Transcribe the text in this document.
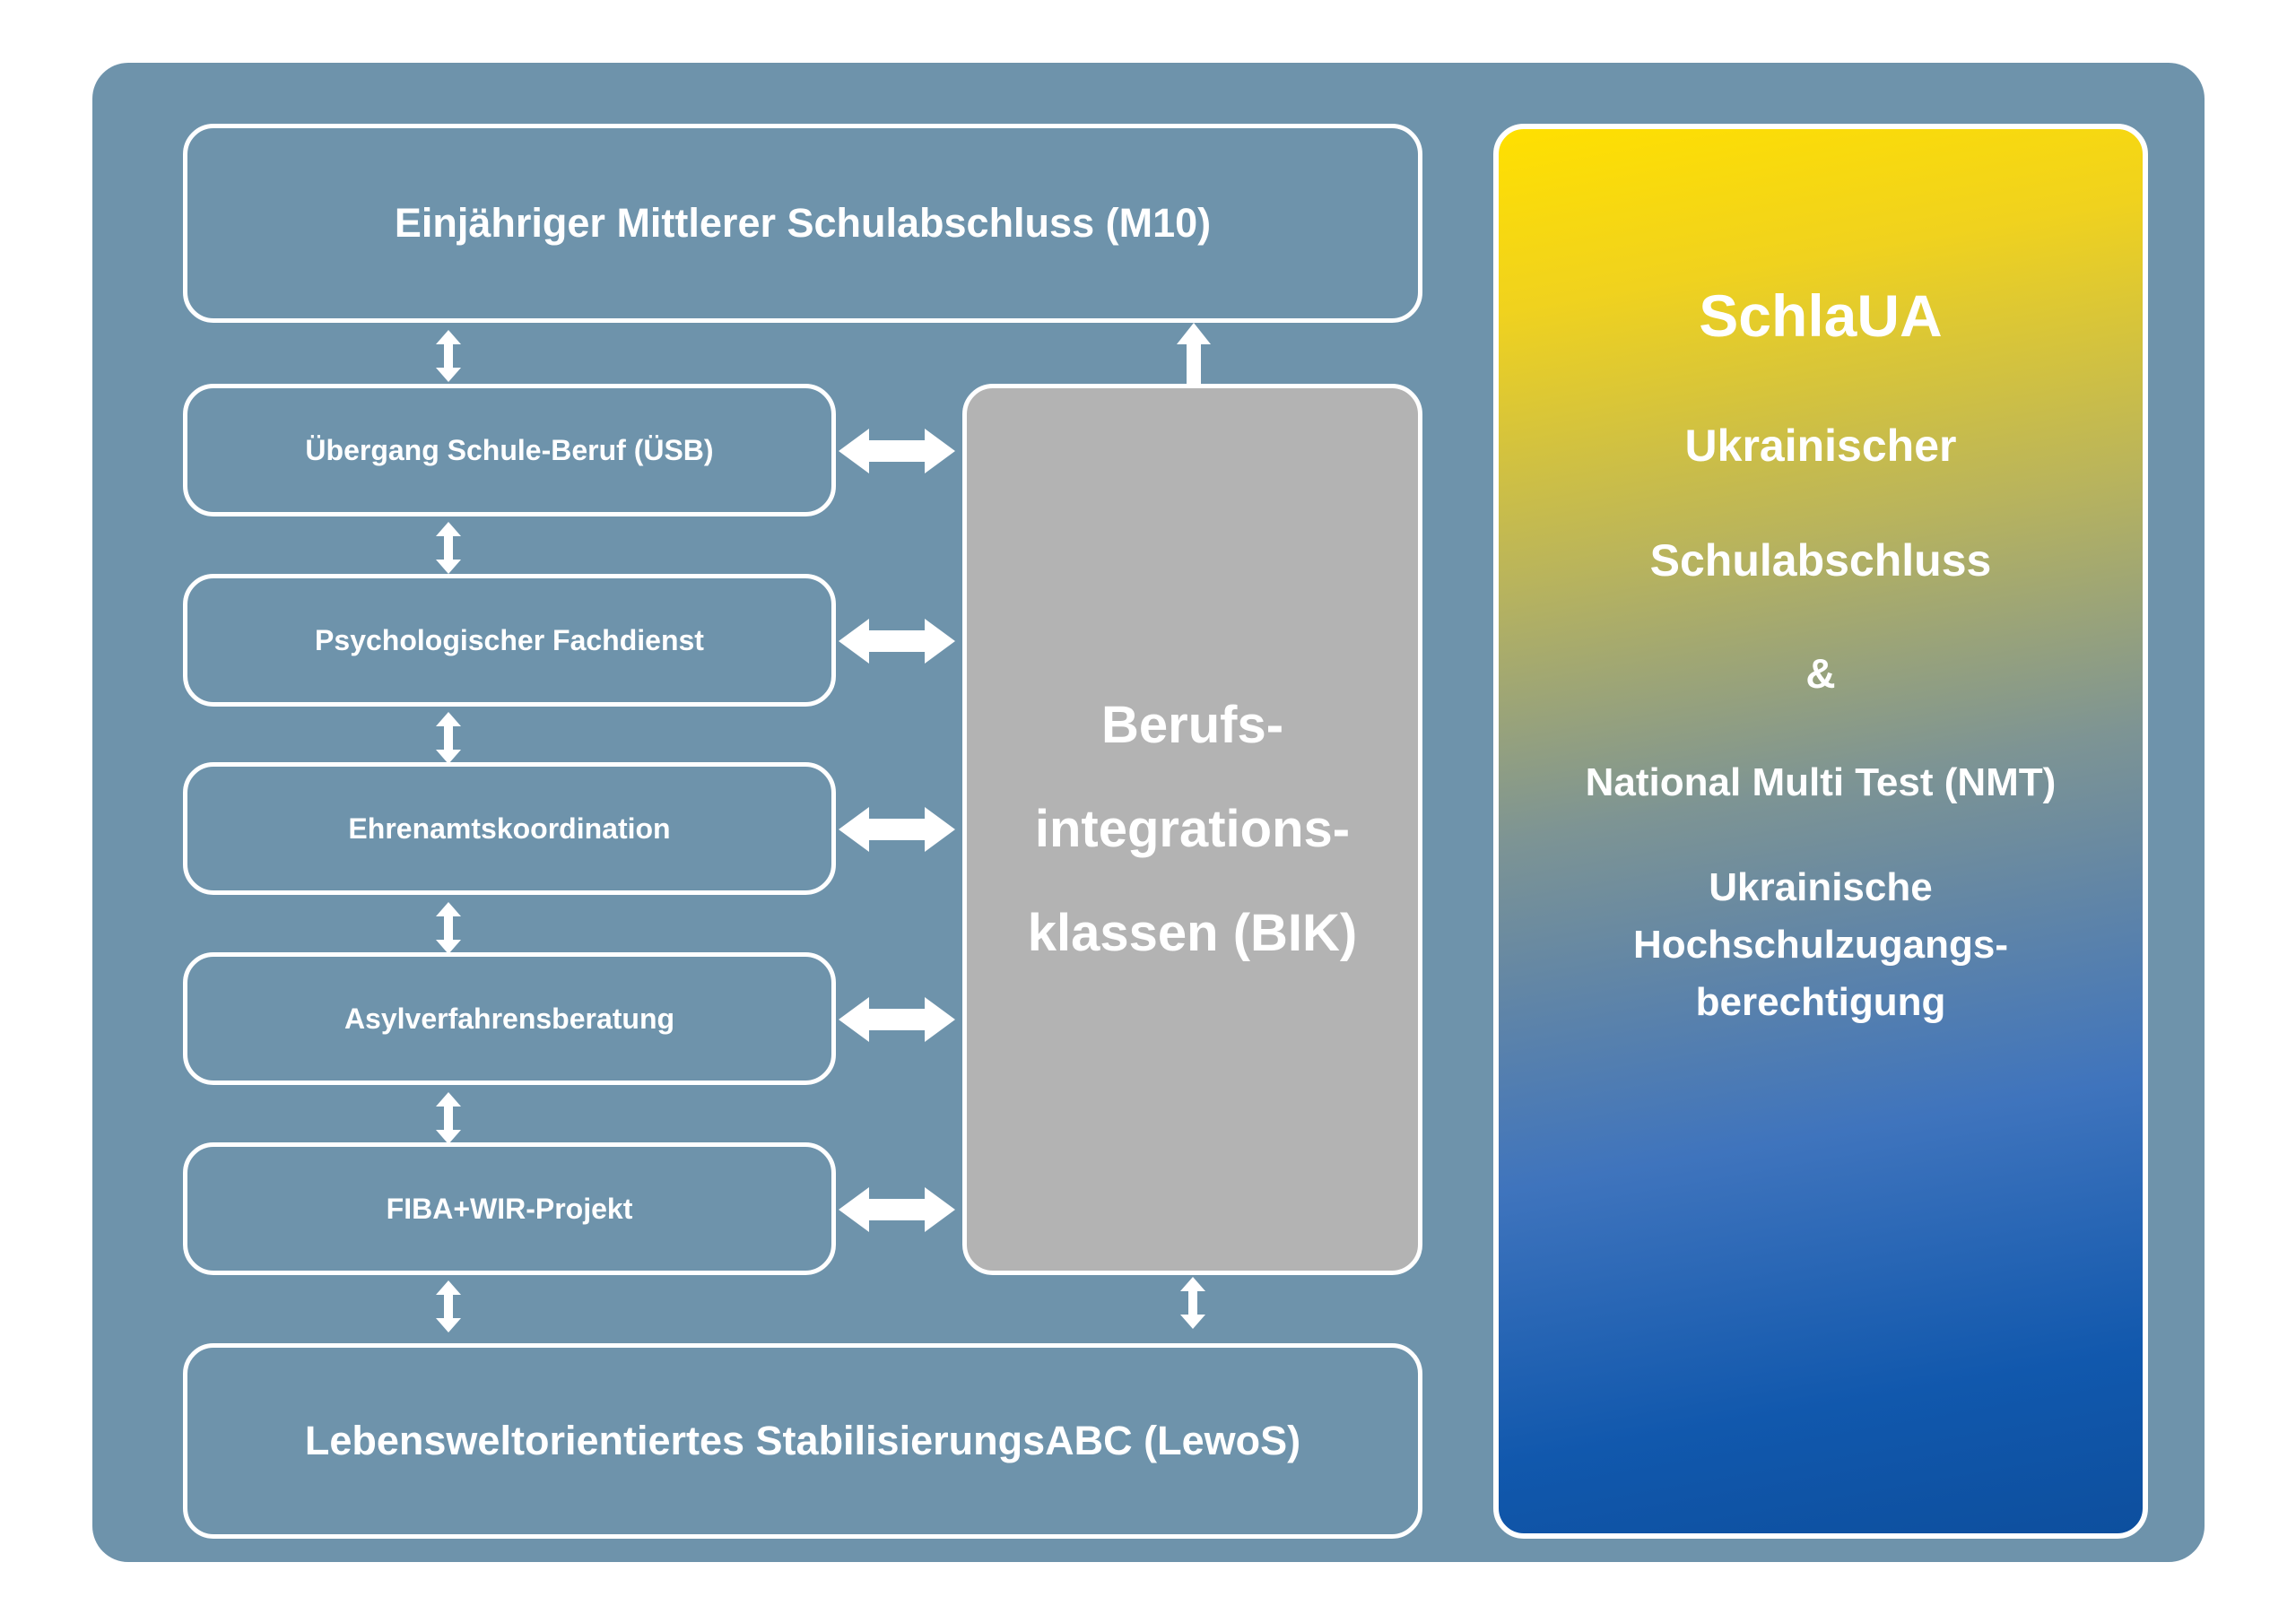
Einjähriger Mittlerer Schulabschluss (M10)
Übergang Schule-Beruf (ÜSB)
Psychologischer Fachdienst
Ehrenamtskoordination
Asylverfahrensberatung
FIBA+WIR-Projekt
Lebensweltorientiertes StabilisierungsABC (LewoS)
Berufs-
integrations-
klassen (BIK)
SchlaUA
Ukrainischer
Schulabschluss
&
National Multi Test (NMT)
Ukrainische
Hochschulzugangs-
berechtigung
